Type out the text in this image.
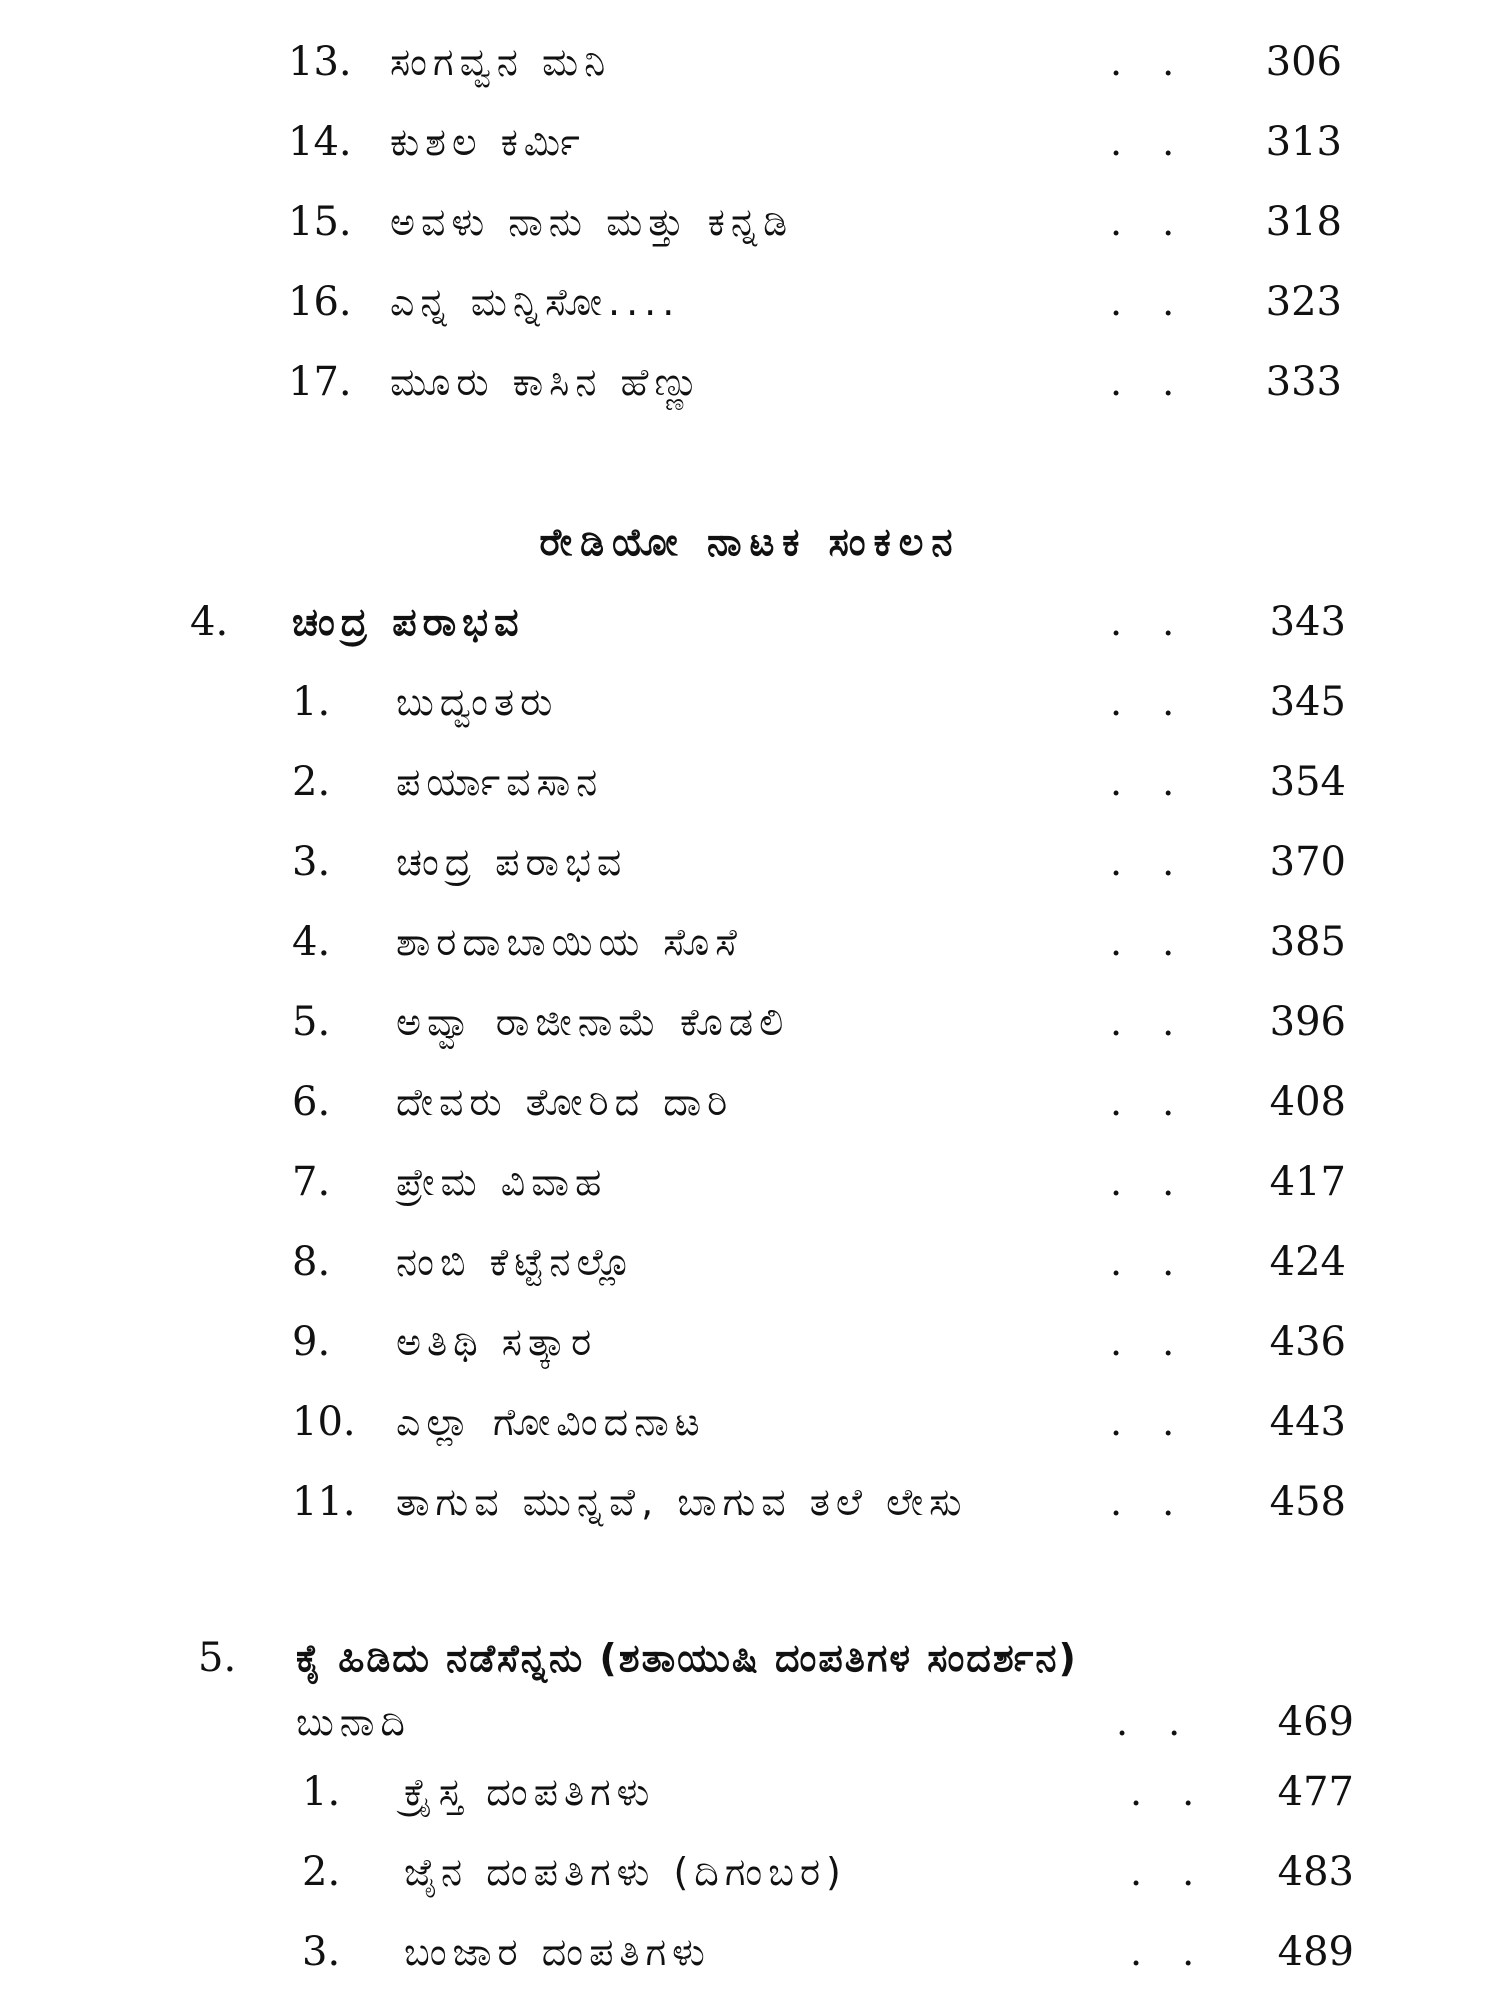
13. ಸಂಗವ್ವನ ಮನಿ	. .	306
14. ಕುಶಲ ಕರ್ಮಿ	. .	313
15. ಅವಳು ನಾನು ಮತ್ತು ಕನ್ನಡಿ	. .	318
16. ಎನ್ನ ಮನ್ನಿಸೋ....	. .	323
17. ಮೂರು ಕಾಸಿನ ಹೆಣ್ಣು	. .	333
ರೇಡಿಯೋ ನಾಟಕ ಸಂಕಲನ
4. ಚಂದ್ರ ಪರಾಭವ	. .	343
1. ಬುದ್ವಂತರು	. .	345
2. ಪರ್ಯಾವಸಾನ	. .	354
3. ಚಂದ್ರ ಪರಾಭವ	. .	370
4. ಶಾರದಾಬಾಯಿಯ ಸೊಸೆ	. .	385
5. ಅವ್ವಾ ರಾಜೀನಾಮೆ ಕೊಡಲಿ	. .	396
6. ದೇವರು ತೋರಿದ ದಾರಿ	. .	408
7. ಪ್ರೇಮ ವಿವಾಹ	. .	417
8. ನಂಬಿ ಕೆಟ್ಟೆನಲ್ಲೊ	. .	424
9. ಅತಿಥಿ ಸತ್ಕಾರ	. .	436
10. ಎಲ್ಲಾ ಗೋವಿಂದನಾಟ	. .	443
11. ತಾಗುವ ಮುನ್ನವೆ, ಬಾಗುವ ತಲೆ ಲೇಸು	. .	458
5. ಕೈ ಹಿಡಿದು ನಡೆಸೆನ್ನನು (ಶತಾಯುಷಿ ದಂಪತಿಗಳ ಸಂದರ್ಶನ)
ಬುನಾದಿ	. .	469
1. ಕ್ರೈಸ್ತ ದಂಪತಿಗಳು	. .	477
2. ಜೈನ ದಂಪತಿಗಳು (ದಿಗಂಬರ)	. .	483
3. ಬಂಜಾರ ದಂಪತಿಗಳು	. .	489
